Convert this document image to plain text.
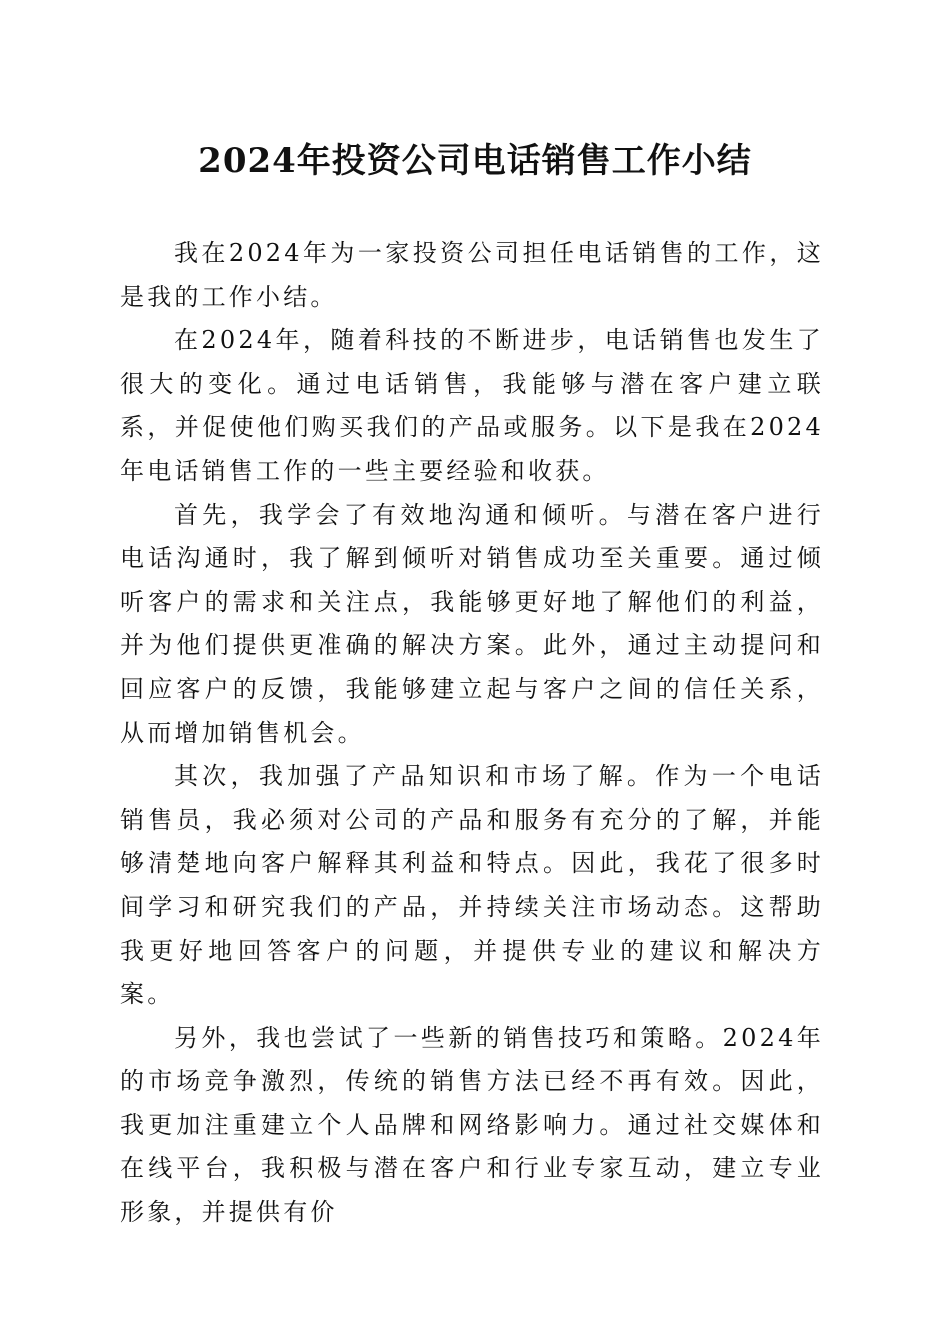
2024年投资公司电话销售工作小结

我在2024年为一家投资公司担任电话销售的工作，这是我的工作小结。

在2024年，随着科技的不断进步，电话销售也发生了很大的变化。通过电话销售，我能够与潜在客户建立联系，并促使他们购买我们的产品或服务。以下是我在2024年电话销售工作的一些主要经验和收获。

首先，我学会了有效地沟通和倾听。与潜在客户进行电话沟通时，我了解到倾听对销售成功至关重要。通过倾听客户的需求和关注点，我能够更好地了解他们的利益，并为他们提供更准确的解决方案。此外，通过主动提问和回应客户的反馈，我能够建立起与客户之间的信任关系，从而增加销售机会。

其次，我加强了产品知识和市场了解。作为一个电话销售员，我必须对公司的产品和服务有充分的了解，并能够清楚地向客户解释其利益和特点。因此，我花了很多时间学习和研究我们的产品，并持续关注市场动态。这帮助我更好地回答客户的问题，并提供专业的建议和解决方案。

另外，我也尝试了一些新的销售技巧和策略。2024年的市场竞争激烈，传统的销售方法已经不再有效。因此，我更加注重建立个人品牌和网络影响力。通过社交媒体和在线平台，我积极与潜在客户和行业专家互动，建立专业形象，并提供有价
